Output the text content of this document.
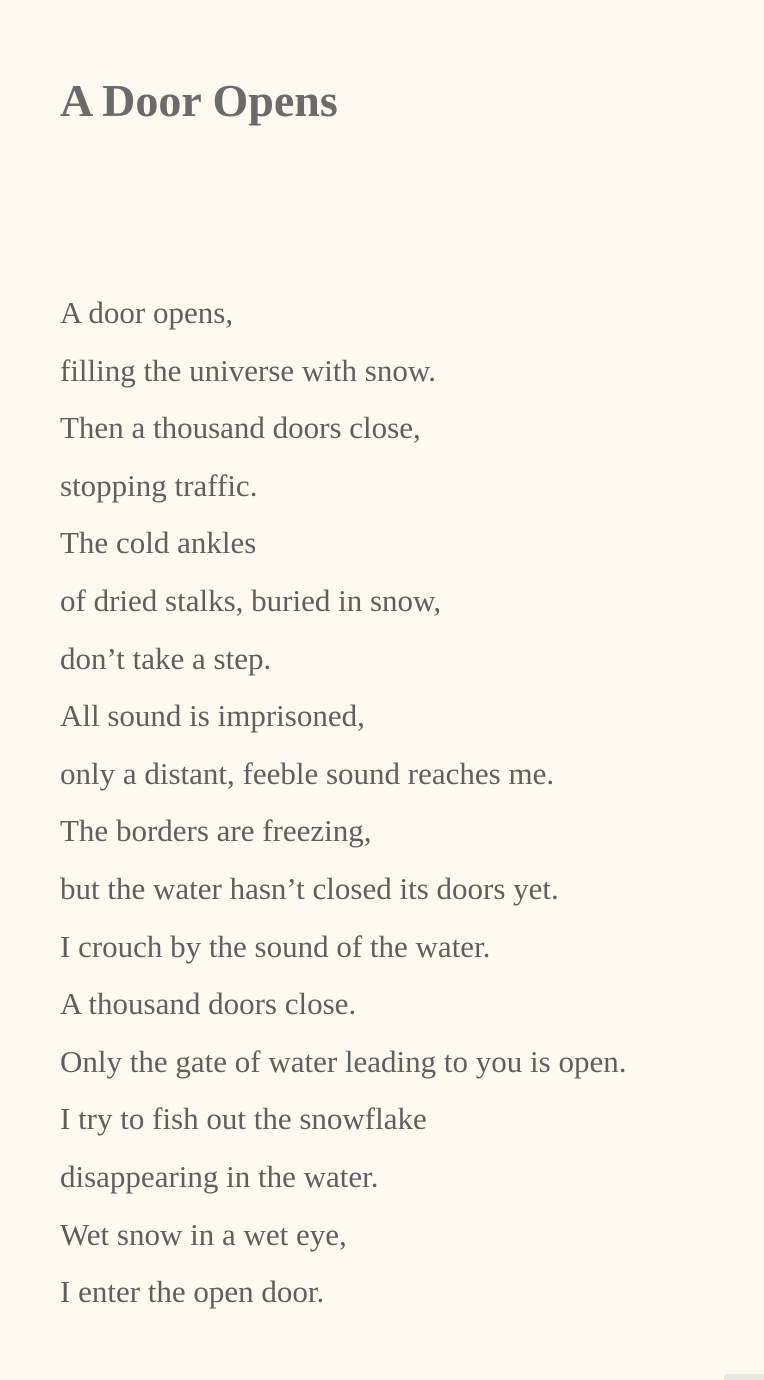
A Door Opens
A door opens,
filling the universe with snow.
Then a thousand doors close,
stopping traffic.
The cold ankles
of dried stalks, buried in snow,
don’t take a step.
All sound is imprisoned,
only a distant, feeble sound reaches me.
The borders are freezing,
but the water hasn’t closed its doors yet.
I crouch by the sound of the water.
A thousand doors close.
Only the gate of water leading to you is open.
I try to fish out the snowflake
disappearing in the water.
Wet snow in a wet eye,
I enter the open door.
